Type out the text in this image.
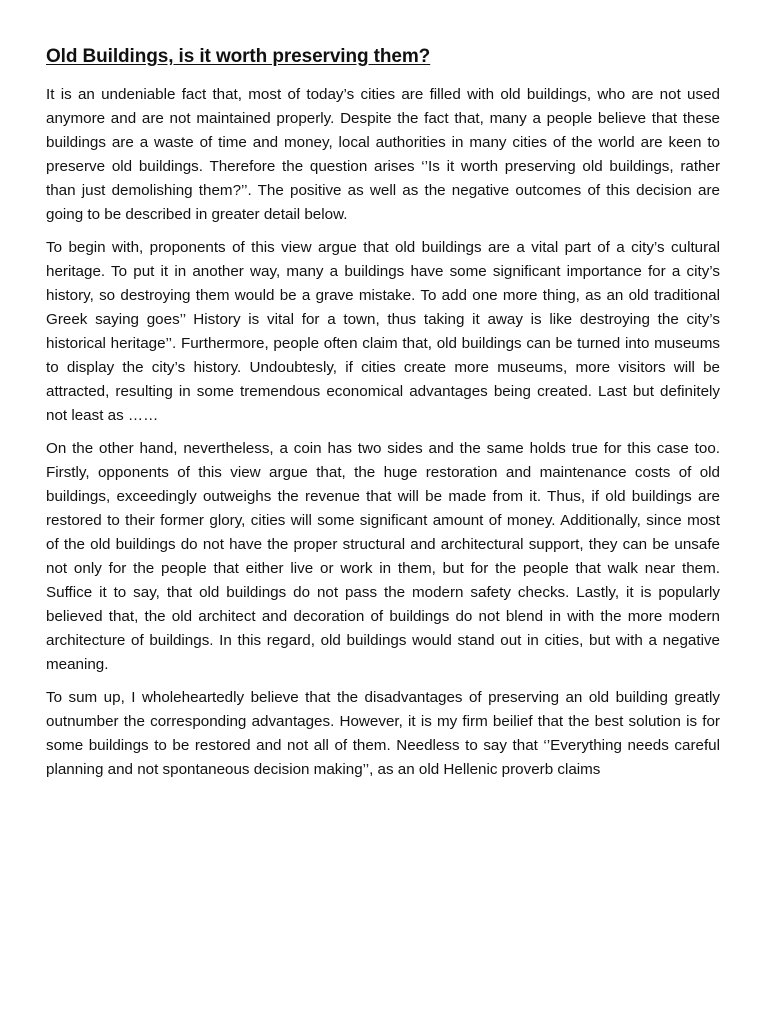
Old Buildings, is it worth preserving them?

It is an undeniable fact that, most of today’s cities are filled with old buildings, who are not used anymore and are not maintained properly. Despite the fact that, many a people believe that these buildings are a waste of time and money, local authorities in many cities of the world are keen to preserve old buildings. Therefore the question arises ‘’Is it worth preserving old buildings, rather than just demolishing them?’’. The positive as well as the negative outcomes of this decision are going to be described in greater detail below.

To begin with, proponents of this view argue that old buildings are a vital part of a city’s cultural heritage. To put it in another way, many a buildings have some significant importance for a city’s history, so destroying them would be a grave mistake. To add one more thing, as an old traditional Greek saying goes’’ History is vital for a town, thus taking it away is like destroying the city’s historical heritage’’. Furthermore, people often claim that, old buildings can be turned into museums to display the city’s history. Undoubtesly, if cities create more museums, more visitors will be attracted, resulting in some tremendous economical advantages being created. Last but definitely not least as ……

On the other hand, nevertheless, a coin has two sides and the same holds true for this case too. Firstly, opponents of this view argue that, the huge restoration and maintenance costs of old buildings, exceedingly outweighs the revenue that will be made from it. Thus, if old buildings are restored to their former glory, cities will some significant amount of money. Additionally, since most of the old buildings do not have the proper structural and architectural support, they can be unsafe not only for the people that either live or work in them, but for the people that walk near them. Suffice it to say, that old buildings do not pass the modern safety checks. Lastly, it is popularly believed that, the old architect and decoration of buildings do not blend in with the more modern architecture of buildings. In this regard, old buildings would stand out in cities, but with a negative meaning.

To sum up, I wholeheartedly believe that the disadvantages of preserving an old building greatly outnumber the corresponding advantages. However, it is my firm beilief that the best solution is for some buildings to be restored and not all of them. Needless to say that ‘’Everything needs careful planning and not spontaneous decision making’’, as an old Hellenic proverb claims
